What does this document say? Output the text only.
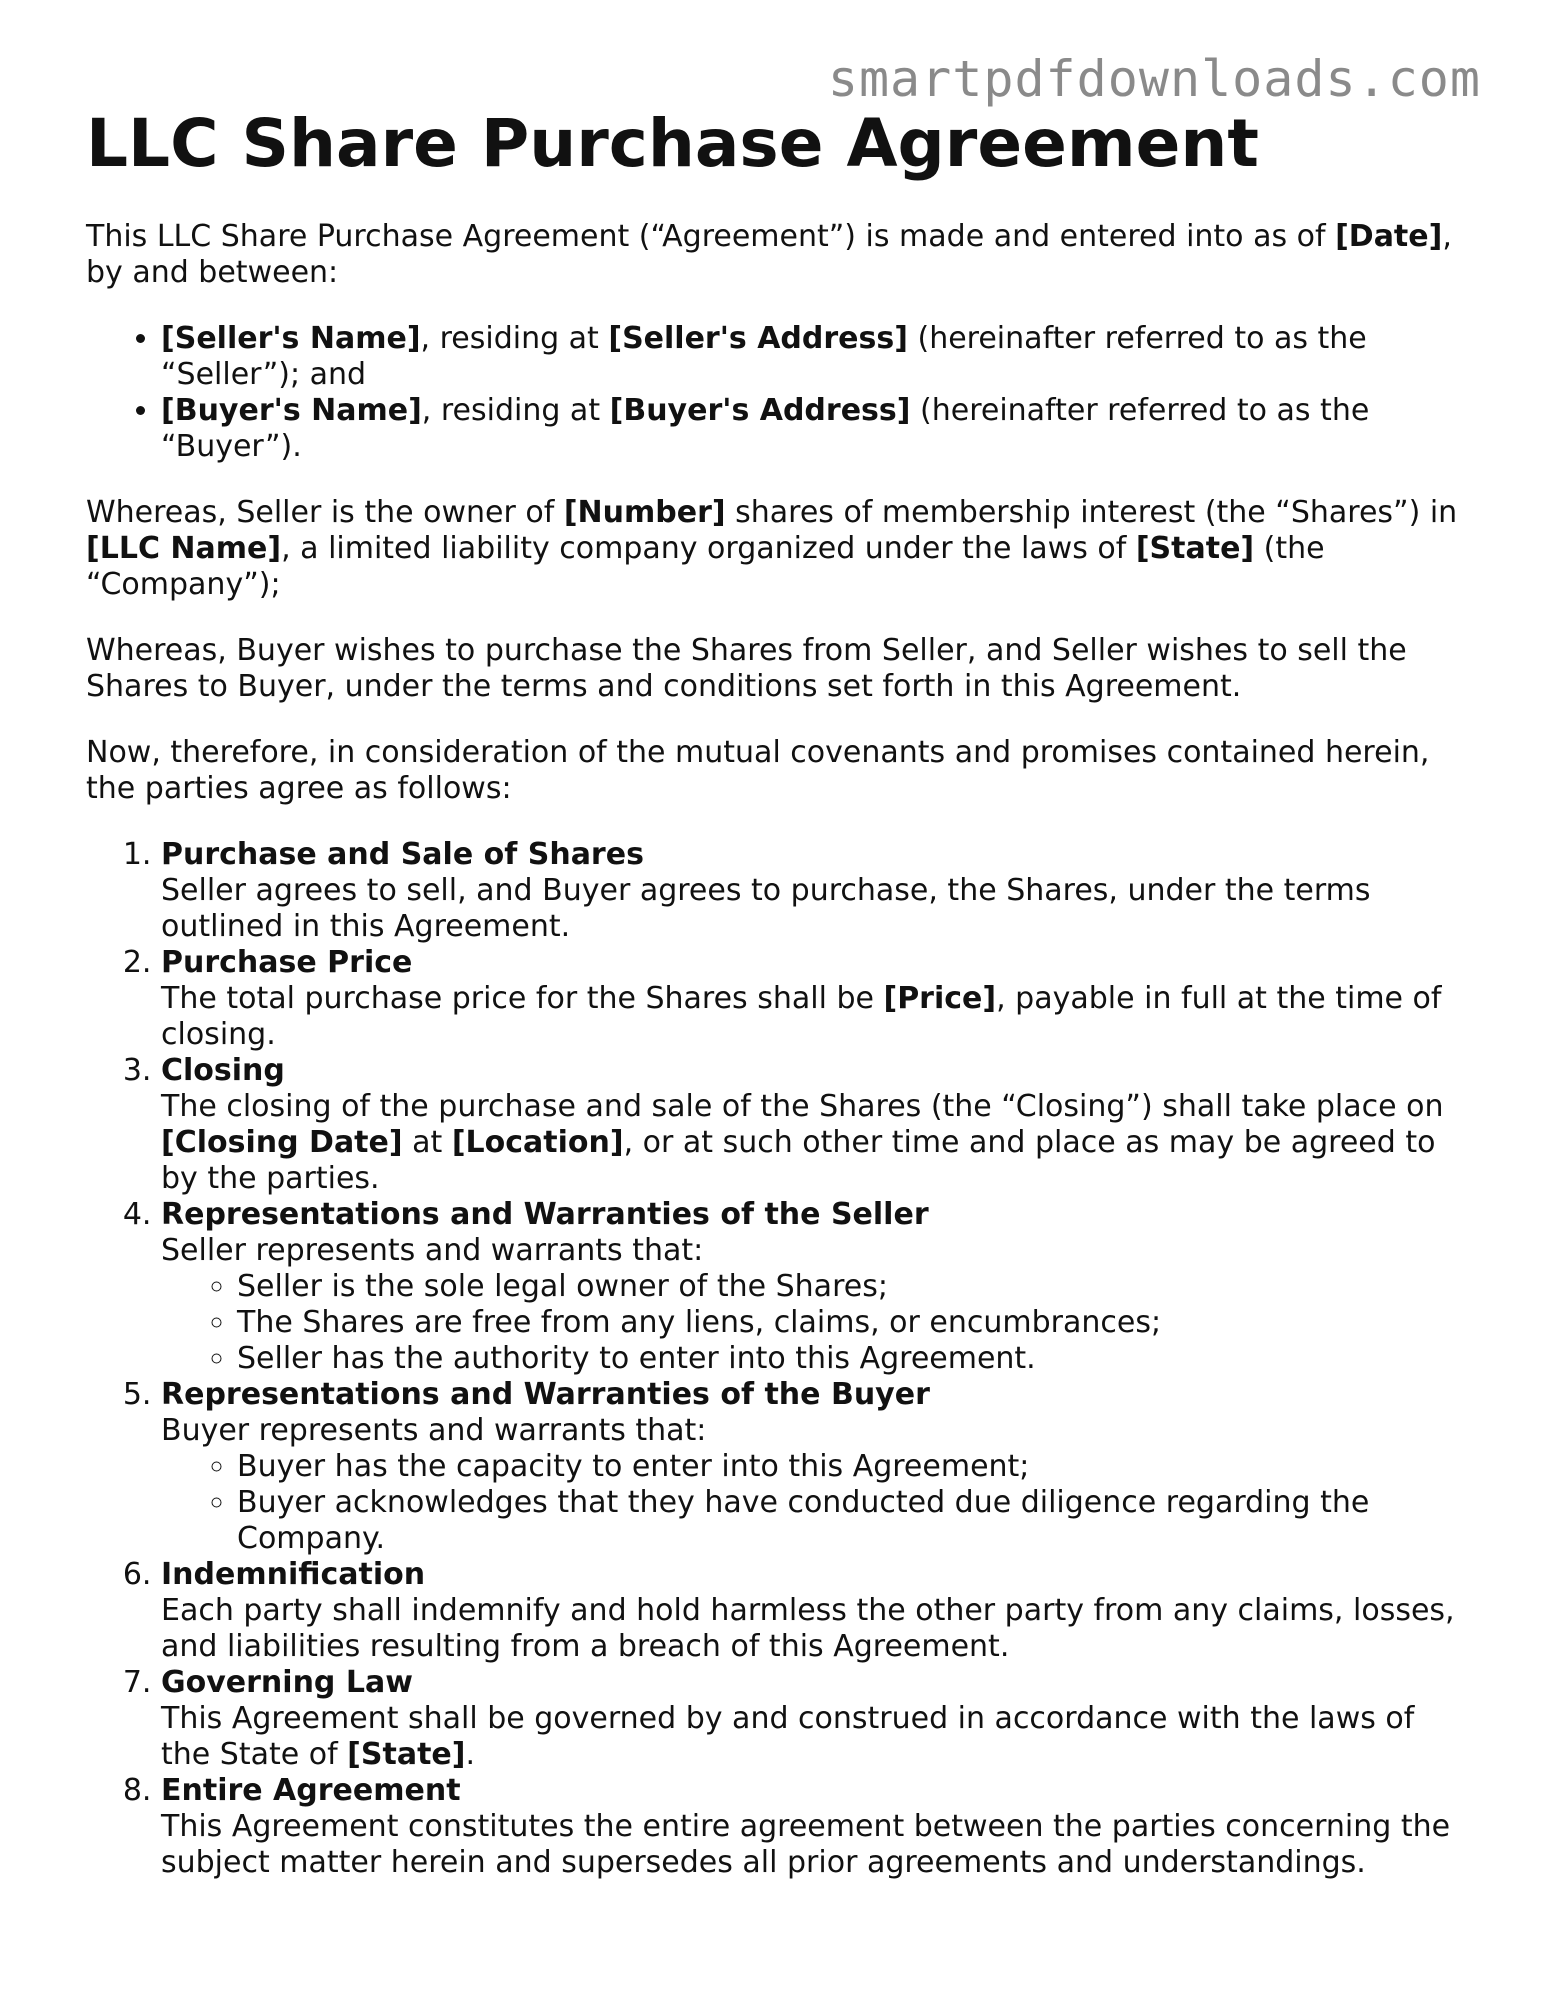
smartpdfdownloads.com
LLC Share Purchase Agreement

This LLC Share Purchase Agreement (“Agreement”) is made and entered into as of [Date], by and between:

• [Seller's Name], residing at [Seller's Address] (hereinafter referred to as the “Seller”); and
• [Buyer's Name], residing at [Buyer's Address] (hereinafter referred to as the “Buyer”).

Whereas, Seller is the owner of [Number] shares of membership interest (the “Shares”) in [LLC Name], a limited liability company organized under the laws of [State] (the “Company”);

Whereas, Buyer wishes to purchase the Shares from Seller, and Seller wishes to sell the Shares to Buyer, under the terms and conditions set forth in this Agreement.

Now, therefore, in consideration of the mutual covenants and promises contained herein, the parties agree as follows:

1. Purchase and Sale of Shares
Seller agrees to sell, and Buyer agrees to purchase, the Shares, under the terms outlined in this Agreement.
2. Purchase Price
The total purchase price for the Shares shall be [Price], payable in full at the time of closing.
3. Closing
The closing of the purchase and sale of the Shares (the “Closing”) shall take place on [Closing Date] at [Location], or at such other time and place as may be agreed to by the parties.
4. Representations and Warranties of the Seller
Seller represents and warrants that:
◦ Seller is the sole legal owner of the Shares;
◦ The Shares are free from any liens, claims, or encumbrances;
◦ Seller has the authority to enter into this Agreement.
5. Representations and Warranties of the Buyer
Buyer represents and warrants that:
◦ Buyer has the capacity to enter into this Agreement;
◦ Buyer acknowledges that they have conducted due diligence regarding the Company.
6. Indemnification
Each party shall indemnify and hold harmless the other party from any claims, losses, and liabilities resulting from a breach of this Agreement.
7. Governing Law
This Agreement shall be governed by and construed in accordance with the laws of the State of [State].
8. Entire Agreement
This Agreement constitutes the entire agreement between the parties concerning the subject matter herein and supersedes all prior agreements and understandings.
